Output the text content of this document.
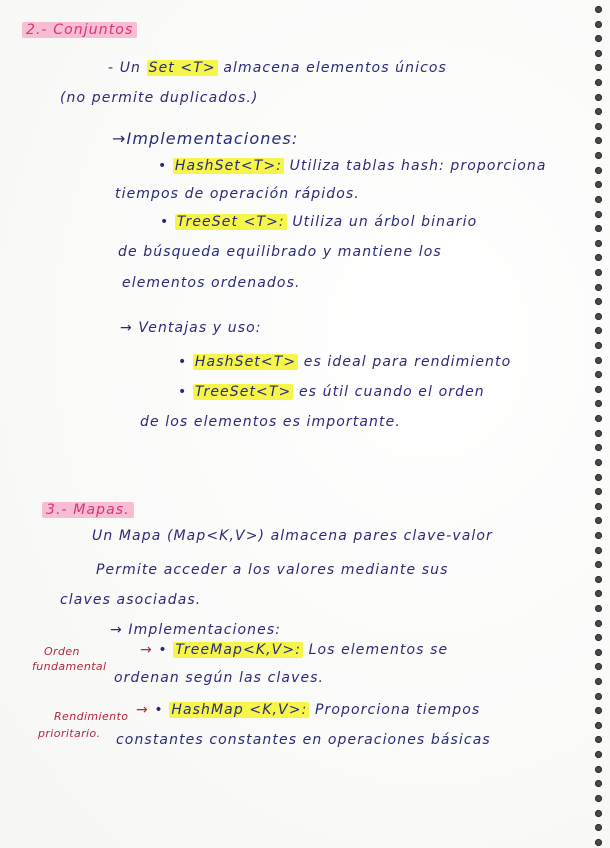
2.- Conjuntos
- Un Set <T> almacena elementos únicos
(no permite duplicados.)
→Implementaciones:
• HashSet<T>: Utiliza tablas hash: proporciona
tiempos de operación rápidos.
• TreeSet <T>: Utiliza un árbol binario
de búsqueda equilibrado y mantiene los
elementos ordenados.
→ Ventajas y uso:
• HashSet<T> es ideal para rendimiento
• TreeSet<T> es útil cuando el orden
de los elementos es importante.
3.- Mapas.
Un Mapa (Map<K,V>) almacena pares clave-valor
Permite acceder a los valores mediante sus
claves asociadas.
→ Implementaciones:
Orden
fundamental
→ • TreeMap<K,V>: Los elementos se
ordenan según las claves.
Rendimiento
prioritario.
→ • HashMap <K,V>: Proporciona tiempos
constantes constantes en operaciones básicas
